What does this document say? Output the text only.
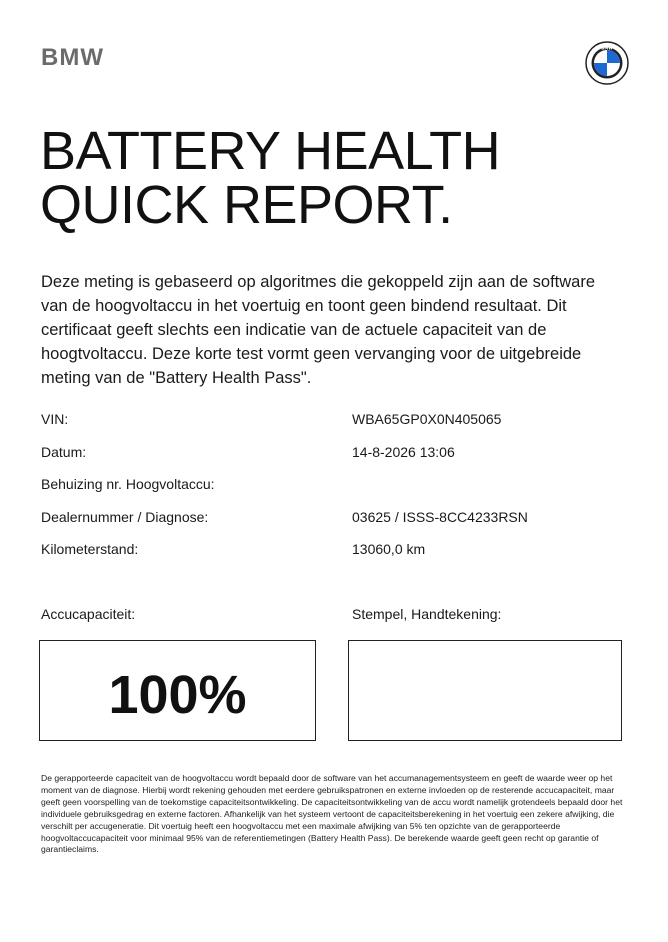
BMW	BMW
BATTERY HEALTH
QUICK REPORT.
Deze meting is gebaseerd op algoritmes die gekoppeld zijn aan de software van de hoogvoltaccu in het voertuig en toont geen bindend resultaat. Dit certificaat geeft slechts een indicatie van de actuele capaciteit van de hoogtvoltaccu. Deze korte test vormt geen vervanging voor de uitgebreide meting van de "Battery Health Pass".
VIN:	WBA65GP0X0N405065
Datum:	14-8-2026 13:06
Behuizing nr. Hoogvoltaccu:
Dealernummer / Diagnose:	03625 / ISSS-8CC4233RSN
Kilometerstand:	13060,0 km
Accucapaciteit:	Stempel, Handtekening:
100%
De gerapporteerde capaciteit van de hoogvoltaccu wordt bepaald door de software van het accumanagementsysteem en geeft de waarde weer op het moment van de diagnose. Hierbij wordt rekening gehouden met eerdere gebruikspatronen en externe invloeden op de resterende accucapaciteit, maar geeft geen voorspelling van de toekomstige capaciteitsontwikkeling. De capaciteitsontwikkeling van de accu wordt namelijk grotendeels bepaald door het individuele gebruiksgedrag en externe factoren. Afhankelijk van het systeem vertoont de capaciteitsberekening in het voertuig een zekere afwijking, die verschilt per accugeneratie. Dit voertuig heeft een hoogvoltaccu met een maximale afwijking van 5% ten opzichte van de gerapporteerde hoogvoltaccucapaciteit voor minimaal 95% van de referentiemetingen (Battery Health Pass). De berekende waarde geeft geen recht op garantie of garantieclaims.
